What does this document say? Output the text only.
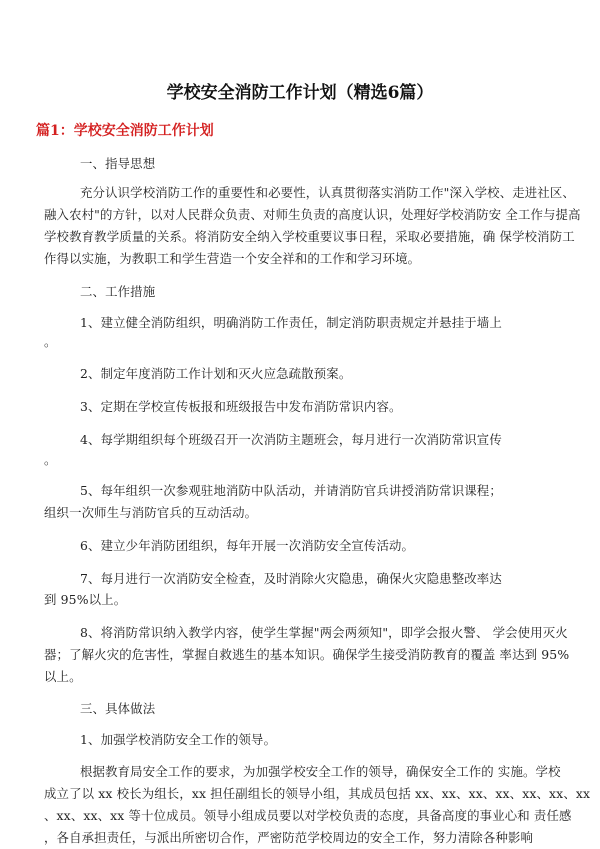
学校安全消防工作计划（精选6篇）
篇1：学校安全消防工作计划
一、指导思想
充分认识学校消防工作的重要性和必要性，认真贯彻落实消防工作"深入学校、走进社区、
融入农村"的方针，以对人民群众负责、对师生负责的高度认识，处理好学校消防安 全工作与提高
学校教育教学质量的关系。将消防安全纳入学校重要议事日程，采取必要措施，确 保学校消防工
作得以实施，为教职工和学生营造一个安全祥和的工作和学习环境。
二、工作措施
1、建立健全消防组织，明确消防工作责任，制定消防职责规定并悬挂于墙上
。
2、制定年度消防工作计划和灭火应急疏散预案。
3、定期在学校宣传板报和班级报告中发布消防常识内容。
4、每学期组织每个班级召开一次消防主题班会，每月进行一次消防常识宣传
。
5、每年组织一次参观驻地消防中队活动，并请消防官兵讲授消防常识课程；
组织一次师生与消防官兵的互动活动。
6、建立少年消防团组织，每年开展一次消防安全宣传活动。
7、每月进行一次消防安全检查，及时消除火灾隐患，确保火灾隐患整改率达
到 95%以上。
8、将消防常识纳入教学内容，使学生掌握"两会两须知"，即学会报火警、 学会使用灭火
器；了解火灾的危害性，掌握自救逃生的基本知识。确保学生接受消防教育的覆盖 率达到 95%
以上。
三、具体做法
1、加强学校消防安全工作的领导。
根据教育局安全工作的要求，为加强学校安全工作的领导，确保安全工作的 实施。学校
成立了以 xx 校长为组长，xx 担任副组长的领导小组，其成员包括 xx、xx、xx、xx、xx、xx、xx
、xx、xx、xx 等十位成员。领导小组成员要以对学校负责的态度，具备高度的事业心和 责任感
，各自承担责任，与派出所密切合作，严密防范学校周边的安全工作，努力清除各种影响
